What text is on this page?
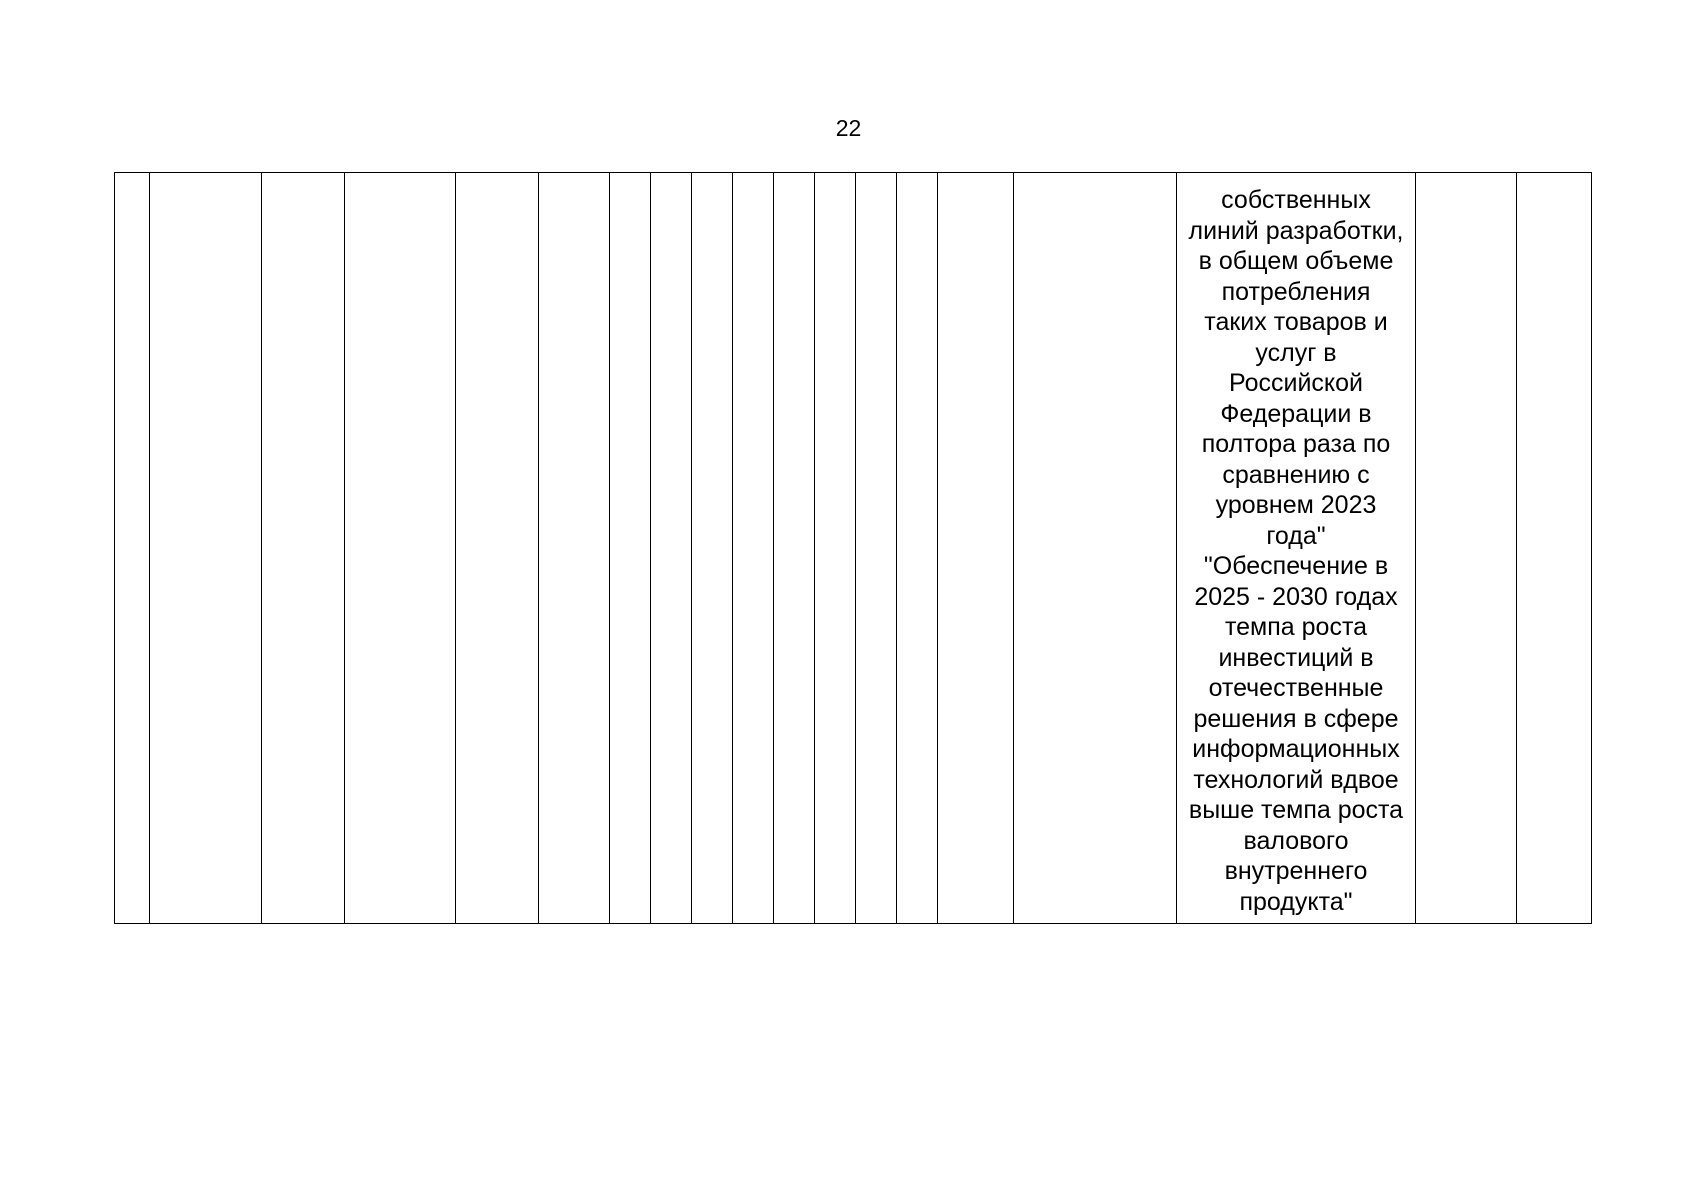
22

собственных
линий разработки,
в общем объеме
потребления
таких товаров и
услуг в
Российской
Федерации в
полтора раза по
сравнению с
уровнем 2023
года"
"Обеспечение в
2025 - 2030 годах
темпа роста
инвестиций в
отечественные
решения в сфере
информационных
технологий вдвое
выше темпа роста
валового
внутреннего
продукта"
